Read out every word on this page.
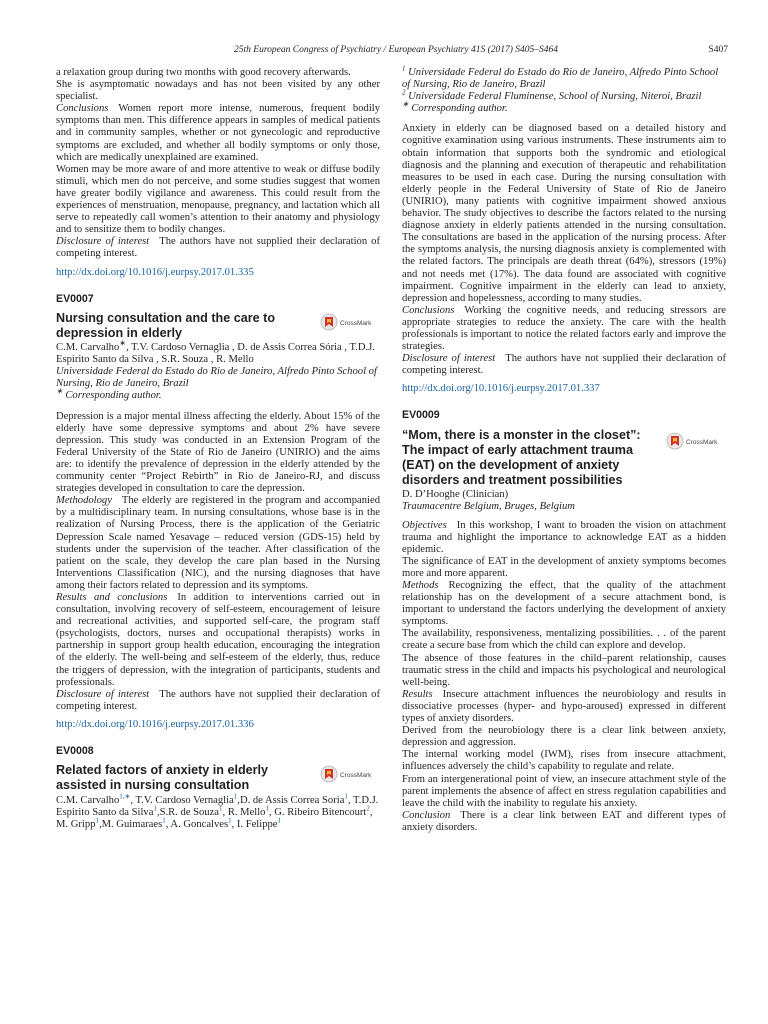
25th European Congress of Psychiatry / European Psychiatry 41S (2017) S405–S464	S407

a relaxation group during two months with good recovery afterwards.

She is asymptomatic nowadays and has not been visited by any other specialist.

Conclusions Women report more intense, numerous, frequent bodily symptoms than men. This difference appears in samples of medical patients and in community samples, whether or not gynecologic and reproductive symptoms are excluded, and whether all bodily symptoms or only those, which are medically unexplained are examined.

Women may be more aware of and more attentive to weak or diffuse bodily stimuli, which men do not perceive, and some studies suggest that women have greater bodily vigilance and awareness. This could result from the experiences of menstruation, menopause, pregnancy, and lactation which all serve to repeatedly call women’s attention to their anatomy and physiology and to sensitize them to bodily changes.

Disclosure of interest The authors have not supplied their declaration of competing interest.

http://dx.doi.org/10.1016/j.eurpsy.2017.01.335
EV0007
Nursing consultation and the care to depression in elderly
CrossMark
C.M. Carvalho∗, T.V. Cardoso Vernaglia , D. de Assis Correa Sória , T.D.J. Espirito Santo da Silva , S.R. Souza , R. Mello
Universidade Federal do Estado do Rio de Janeiro, Alfredo Pinto School of Nursing, Rio de Janeiro, Brazil
∗ Corresponding author.

Depression is a major mental illness affecting the elderly. About 15% of the elderly have some depressive symptoms and about 2% have severe depression. This study was conducted in an Extension Program of the Federal University of the State of Rio de Janeiro (UNIRIO) and the aims are: to identify the prevalence of depression in the elderly attended by the community center “Project Rebirth” in Rio de Janeiro-RJ, and discuss strategies developed in consultation to care the depression.

Methodology The elderly are registered in the program and accompanied by a multidisciplinary team. In nursing consultations, whose base is in the realization of Nursing Process, there is the application of the Geriatric Depression Scale named Yesavage – reduced version (GDS-15) held by students under the supervision of the teacher. After classification of the patient on the scale, they develop the care plan based in the Nursing Interventions Classification (NIC), and the nursing diagnoses that have among their factors related to depression and its symptoms.

Results and conclusions In addition to interventions carried out in consultation, involving recovery of self-esteem, encouragement of leisure and recreational activities, and supported self-care, the program staff (psychologists, doctors, nurses and occupational therapists) works in partnership in support group health education, encouraging the integration of the elderly. The well-being and self-esteem of the elderly, thus, reduce the triggers of depression, with the integration of participants, students and professionals.

Disclosure of interest The authors have not supplied their declaration of competing interest.

http://dx.doi.org/10.1016/j.eurpsy.2017.01.336
EV0008
Related factors of anxiety in elderly assisted in nursing consultation
CrossMark
C.M. Carvalho$^{1,∗}$, T.V. Cardoso Vernaglia$^1$,D. de Assis Correa Soria$^1$, T.D.J. Espirito Santo da Silva$^1$,S.R. de Souza$^1$, R. Mello$^1$, G. Ribeiro Bitencourt$^2$, M. Gripp$^1$,M. Guimaraes$^1$, A. Goncalves$^1$, I. Felippe$^1$
$^1$ Universidade Federal do Estado do Rio de Janeiro, Alfredo Pinto School of Nursing, Rio de Janeiro, Brazil
$^2$ Universidade Federal Fluminense, School of Nursing, Niteroi, Brazil
∗ Corresponding author.

Anxiety in elderly can be diagnosed based on a detailed history and cognitive examination using various instruments. These instruments aim to obtain information that supports both the syndromic and etiological diagnosis and the planning and execution of therapeutic and rehabilitation measures to be used in each case. During the nursing consultation with elderly people in the Federal University of State of Rio de Janeiro (UNIRIO), many patients with cognitive impairment showed anxious behavior. The study objectives to describe the factors related to the nursing diagnose anxiety in elderly patients attended in the nursing consultation. The consultations are based in the application of the nursing process. After the symptoms analysis, the nursing diagnosis anxiety is complemented with the related factors. The principals are death threat (64%), stressors (19%) and not needs met (17%). The data found are associated with cognitive impairment. Cognitive impairment in the elderly can lead to anxiety, depression and hopelessness, according to many studies.

Conclusions Working the cognitive needs, and reducing stressors are appropriate strategies to reduce the anxiety. The care with the health professionals is important to notice the related factors early and improve the strategies.

Disclosure of interest The authors have not supplied their declaration of competing interest.

http://dx.doi.org/10.1016/j.eurpsy.2017.01.337
EV0009
“Mom, there is a monster in the closet”: The impact of early attachment trauma (EAT) on the development of anxiety disorders and treatment possibilities
CrossMark
D. D’Hooghe (Clinician)
Traumacentre Belgium, Bruges, Belgium

Objectives In this workshop, I want to broaden the vision on attachment trauma and highlight the importance to acknowledge EAT as a hidden epidemic.

The significance of EAT in the development of anxiety symptoms becomes more and more apparent.

Methods Recognizing the effect, that the quality of the attachment relationship has on the development of a secure attachment bond, is important to understand the factors underlying the development of anxiety symptoms.

The availability, responsiveness, mentalizing possibilities. . . of the parent create a secure base from which the child can explore and develop.

The absence of those features in the child–parent relationship, causes traumatic stress in the child and impacts his psychological and neurological well-being.

Results Insecure attachment influences the neurobiology and results in dissociative processes (hyper- and hypo-aroused) expressed in different types of anxiety disorders.

Derived from the neurobiology there is a clear link between anxiety, depression and aggression.

The internal working model (IWM), rises from insecure attachment, influences adversely the child’s capability to regulate and relate.

From an intergenerational point of view, an insecure attachment style of the parent implements the absence of affect en stress regulation capabilities and leave the child with the inability to regulate his anxiety.

Conclusion There is a clear link between EAT and different types of anxiety disorders.
